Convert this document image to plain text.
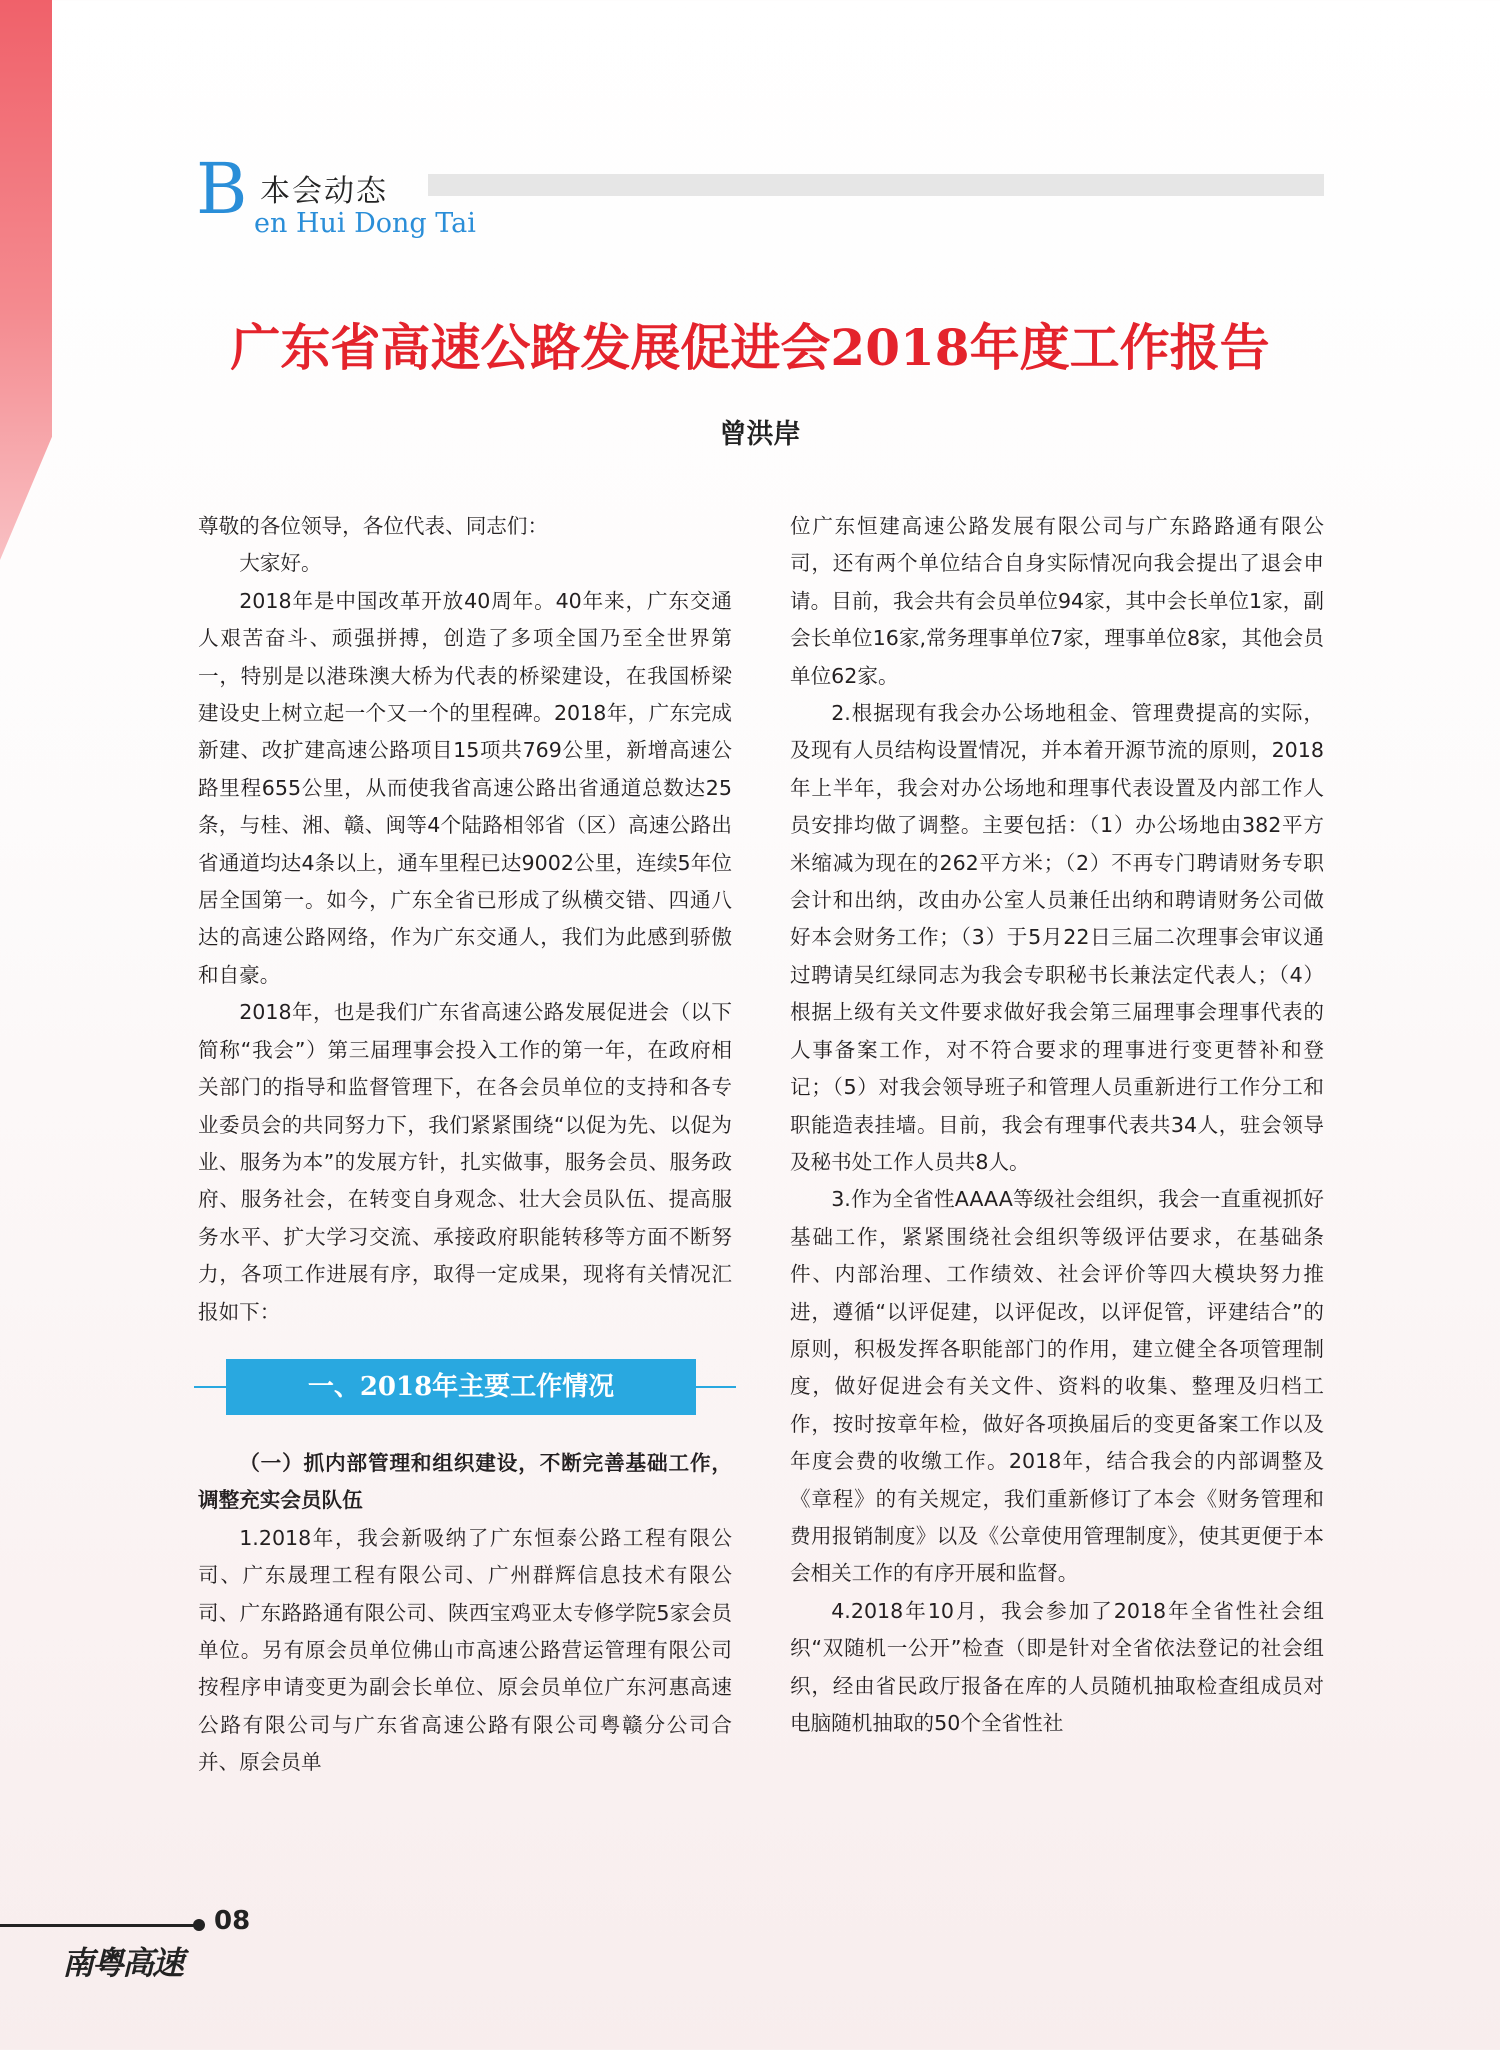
B 本会动态
en Hui Dong Tai
广东省高速公路发展促进会2018年度工作报告
曾洪岸

尊敬的各位领导，各位代表、同志们：

大家好。

2018年是中国改革开放40周年。40年来，广东交通人艰苦奋斗、顽强拼搏，创造了多项全国乃至全世界第一，特别是以港珠澳大桥为代表的桥梁建设，在我国桥梁建设史上树立起一个又一个的里程碑。2018年，广东完成新建、改扩建高速公路项目15项共769公里，新增高速公路里程655公里，从而使我省高速公路出省通道总数达25条，与桂、湘、赣、闽等4个陆路相邻省（区）高速公路出省通道均达4条以上，通车里程已达9002公里，连续5年位居全国第一。如今，广东全省已形成了纵横交错、四通八达的高速公路网络，作为广东交通人，我们为此感到骄傲和自豪。

2018年，也是我们广东省高速公路发展促进会（以下简称“我会”）第三届理事会投入工作的第一年，在政府相关部门的指导和监督管理下，在各会员单位的支持和各专业委员会的共同努力下，我们紧紧围绕“以促为先、以促为业、服务为本”的发展方针，扎实做事，服务会员、服务政府、服务社会，在转变自身观念、壮大会员队伍、提高服务水平、扩大学习交流、承接政府职能转移等方面不断努力，各项工作进展有序，取得一定成果，现将有关情况汇报如下：

一、2018年主要工作情况

（一）抓内部管理和组织建设，不断完善基础工作，调整充实会员队伍

1.2018年，我会新吸纳了广东恒泰公路工程有限公司、广东晟理工程有限公司、广州群辉信息技术有限公司、广东路路通有限公司、陕西宝鸡亚太专修学院5家会员单位。另有原会员单位佛山市高速公路营运管理有限公司按程序申请变更为副会长单位、原会员单位广东河惠高速公路有限公司与广东省高速公路有限公司粤赣分公司合并、原会员单

位广东恒建高速公路发展有限公司与广东路路通有限公司，还有两个单位结合自身实际情况向我会提出了退会申请。目前，我会共有会员单位94家，其中会长单位1家，副会长单位16家,常务理事单位7家，理事单位8家，其他会员单位62家。

2.根据现有我会办公场地租金、管理费提高的实际，及现有人员结构设置情况，并本着开源节流的原则，2018年上半年，我会对办公场地和理事代表设置及内部工作人员安排均做了调整。主要包括：（1）办公场地由382平方米缩减为现在的262平方米；（2）不再专门聘请财务专职会计和出纳，改由办公室人员兼任出纳和聘请财务公司做好本会财务工作；（3）于5月22日三届二次理事会审议通过聘请吴红绿同志为我会专职秘书长兼法定代表人；（4）根据上级有关文件要求做好我会第三届理事会理事代表的人事备案工作，对不符合要求的理事进行变更替补和登记；（5）对我会领导班子和管理人员重新进行工作分工和职能造表挂墙。目前，我会有理事代表共34人，驻会领导及秘书处工作人员共8人。

3.作为全省性AAAA等级社会组织，我会一直重视抓好基础工作，紧紧围绕社会组织等级评估要求，在基础条件、内部治理、工作绩效、社会评价等四大模块努力推进，遵循“以评促建，以评促改，以评促管，评建结合”的原则，积极发挥各职能部门的作用，建立健全各项管理制度，做好促进会有关文件、资料的收集、整理及归档工作，按时按章年检，做好各项换届后的变更备案工作以及年度会费的收缴工作。2018年，结合我会的内部调整及《章程》的有关规定，我们重新修订了本会《财务管理和费用报销制度》以及《公章使用管理制度》，使其更便于本会相关工作的有序开展和监督。

4.2018年10月，我会参加了2018年全省性社会组织“双随机一公开”检查（即是针对全省依法登记的社会组织，经由省民政厅报备在库的人员随机抽取检查组成员对电脑随机抽取的50个全省性社

08
南粤高速
